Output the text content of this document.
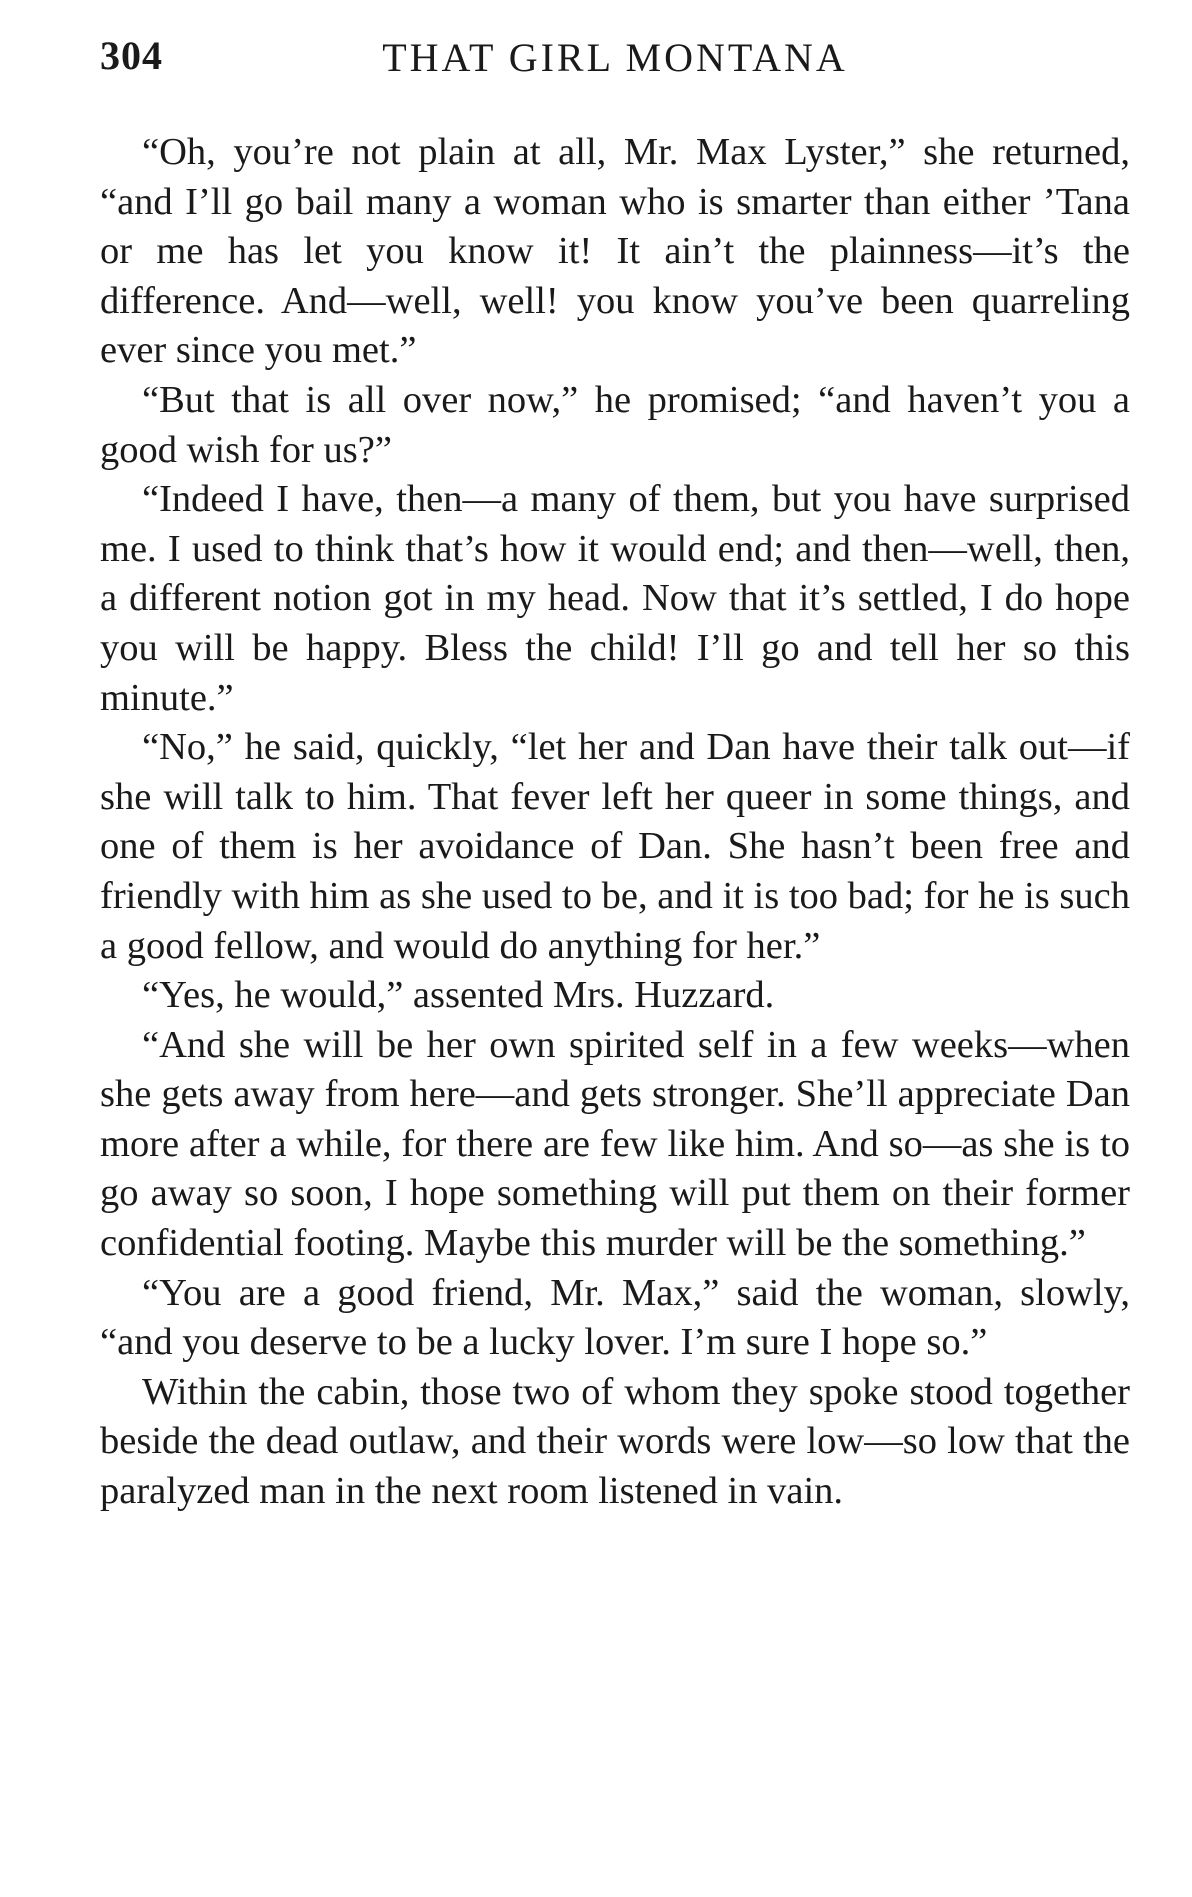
304	THAT GIRL MONTANA

“Oh, you’re not plain at all, Mr. Max Lyster,” she returned, “and I’ll go bail many a woman who is smarter than either ’Tana or me has let you know it! It ain’t the plainness—it’s the difference. And—well, well! you know you’ve been quarreling ever since you met.”

“But that is all over now,” he promised; “and haven’t you a good wish for us?”

“Indeed I have, then—a many of them, but you have surprised me. I used to think that’s how it would end; and then—well, then, a different notion got in my head. Now that it’s settled, I do hope you will be happy. Bless the child! I’ll go and tell her so this minute.”

“No,” he said, quickly, “let her and Dan have their talk out—if she will talk to him. That fever left her queer in some things, and one of them is her avoidance of Dan. She hasn’t been free and friendly with him as she used to be, and it is too bad; for he is such a good fellow, and would do anything for her.”

“Yes, he would,” assented Mrs. Huzzard.

“And she will be her own spirited self in a few weeks—when she gets away from here—and gets stronger. She’ll appreciate Dan more after a while, for there are few like him. And so—as she is to go away so soon, I hope something will put them on their former confidential footing. Maybe this murder will be the something.”

“You are a good friend, Mr. Max,” said the woman, slowly, “and you deserve to be a lucky lover. I’m sure I hope so.”

Within the cabin, those two of whom they spoke stood together beside the dead outlaw, and their words were low—so low that the paralyzed man in the next room listened in vain.
